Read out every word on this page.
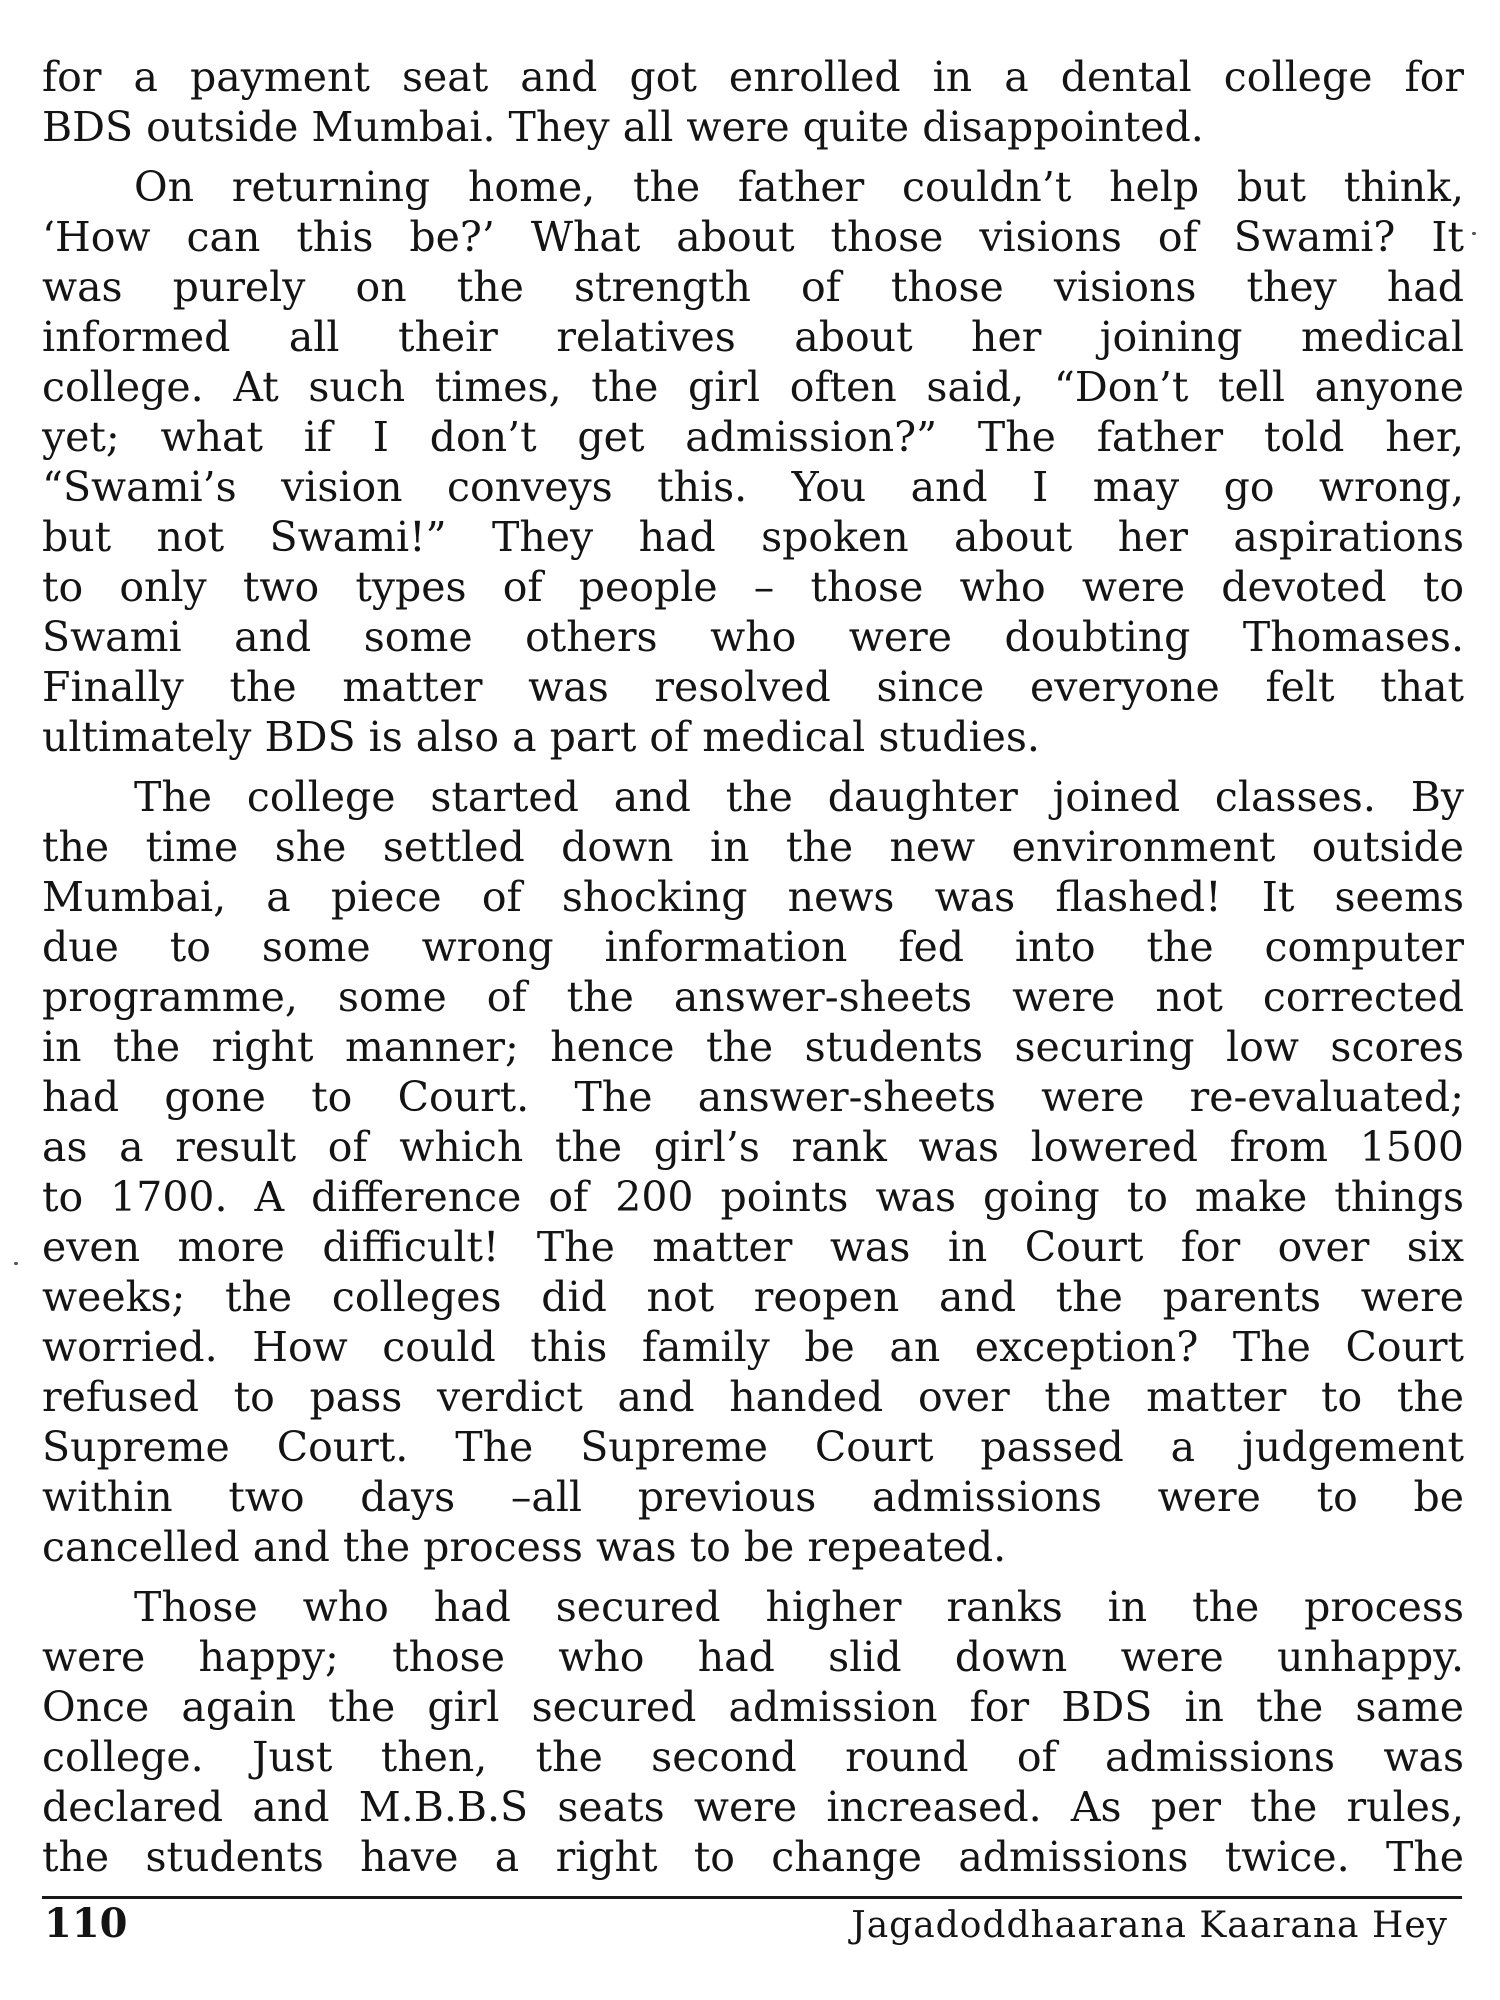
for a payment seat and got enrolled in a dental college for
BDS outside Mumbai. They all were quite disappointed.
On returning home, the father couldn’t help but think,
‘How can this be?’ What about those visions of Swami? It
was purely on the strength of those visions they had
informed all their relatives about her joining medical
college. At such times, the girl often said, “Don’t tell anyone
yet; what if I don’t get admission?” The father told her,
“Swami’s vision conveys this. You and I may go wrong,
but not Swami!” They had spoken about her aspirations
to only two types of people – those who were devoted to
Swami and some others who were doubting Thomases.
Finally the matter was resolved since everyone felt that
ultimately BDS is also a part of medical studies.
The college started and the daughter joined classes. By
the time she settled down in the new environment outside
Mumbai, a piece of shocking news was flashed! It seems
due to some wrong information fed into the computer
programme, some of the answer-sheets were not corrected
in the right manner; hence the students securing low scores
had gone to Court. The answer-sheets were re-evaluated;
as a result of which the girl’s rank was lowered from 1500
to 1700. A difference of 200 points was going to make things
even more difficult! The matter was in Court for over six
weeks; the colleges did not reopen and the parents were
worried. How could this family be an exception? The Court
refused to pass verdict and handed over the matter to the
Supreme Court. The Supreme Court passed a judgement
within two days –all previous admissions were to be
cancelled and the process was to be repeated.
Those who had secured higher ranks in the process
were happy; those who had slid down were unhappy.
Once again the girl secured admission for BDS in the same
college. Just then, the second round of admissions was
declared and M.B.B.S seats were increased. As per the rules,
the students have a right to change admissions twice. The
110	Jagadoddhaarana Kaarana Hey
